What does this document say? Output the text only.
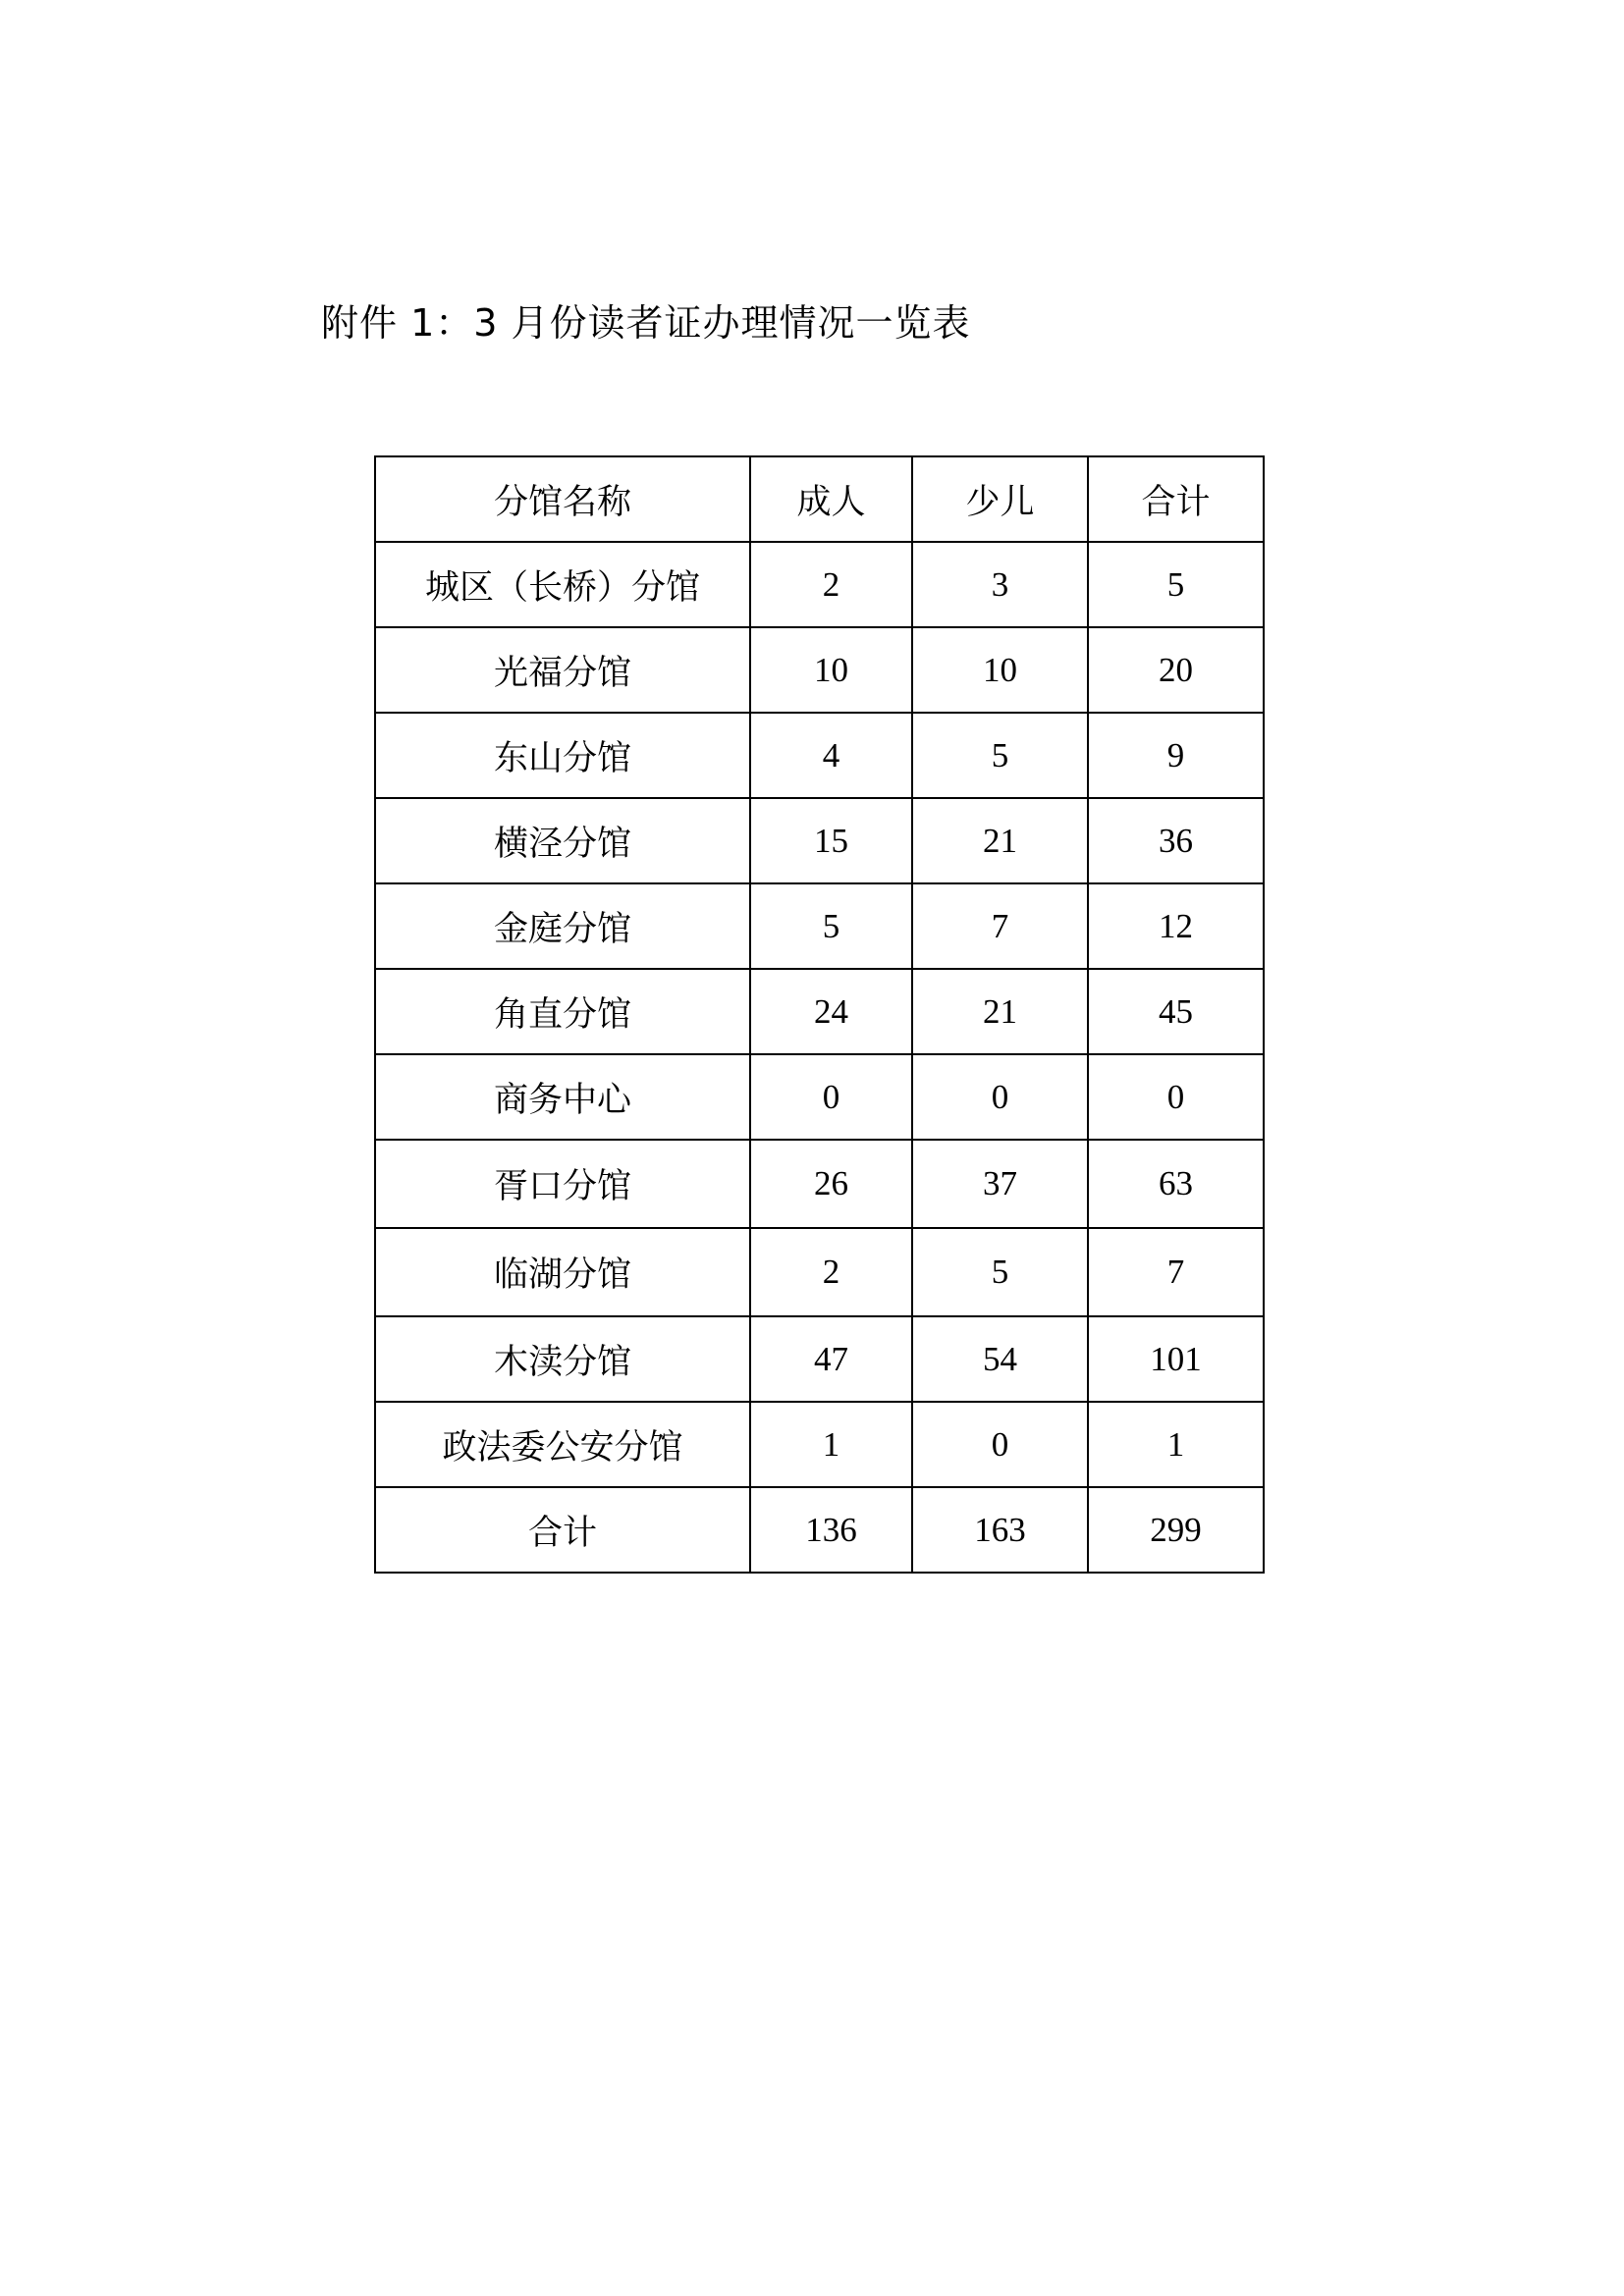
附件 1：3 月份读者证办理情况一览表
分馆名称	成人	少儿	合计
城区（长桥）分馆	2	3	5
光福分馆	10	10	20
东山分馆	4	5	9
横泾分馆	15	21	36
金庭分馆	5	7	12
角直分馆	24	21	45
商务中心	0	0	0
胥口分馆	26	37	63
临湖分馆	2	5	7
木渎分馆	47	54	101
政法委公安分馆	1	0	1
合计	136	163	299
